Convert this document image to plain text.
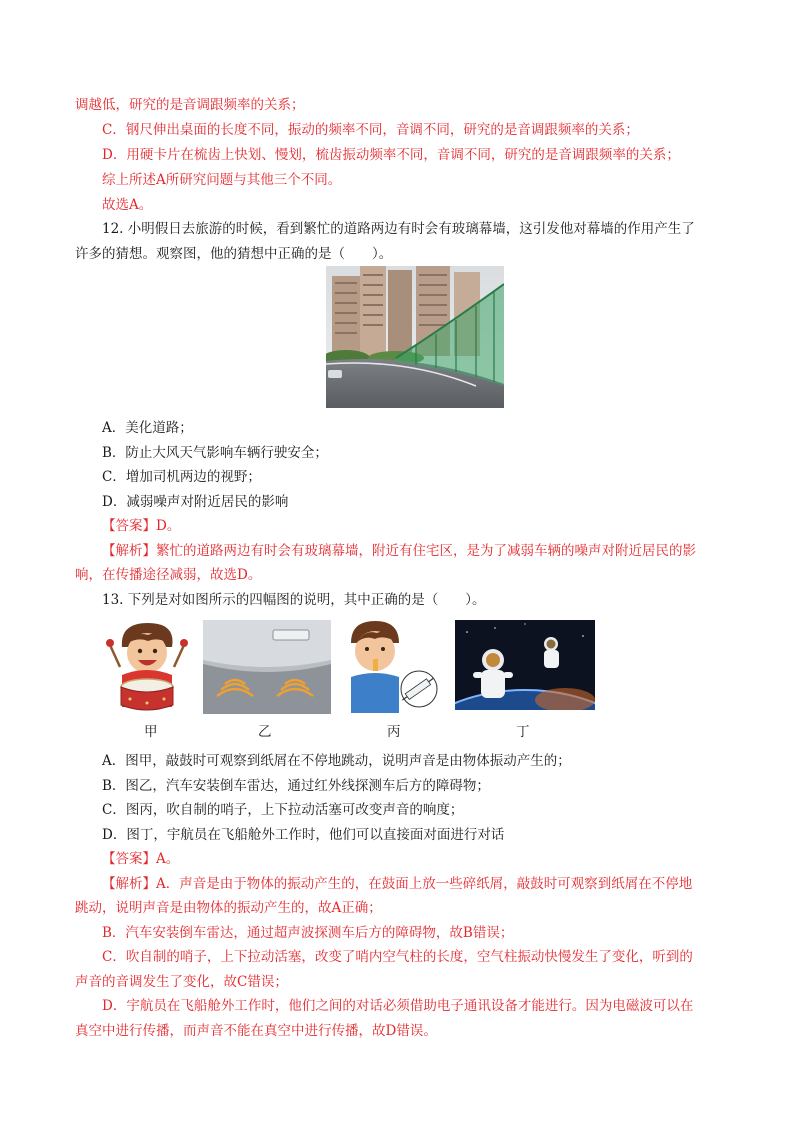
调越低，研究的是音调跟频率的关系；
C．钢尺伸出桌面的长度不同，振动的频率不同，音调不同，研究的是音调跟频率的关系；
D．用硬卡片在梳齿上快划、慢划，梳齿振动频率不同，音调不同，研究的是音调跟频率的关系；
综上所述A所研究问题与其他三个不同。
故选A。
12. 小明假日去旅游的时候，看到繁忙的道路两边有时会有玻璃幕墙，这引发他对幕墙的作用产生了
许多的猜想。观察图，他的猜想中正确的是（　　）。
A．美化道路；
B．防止大风天气影响车辆行驶安全；
C．增加司机两边的视野；
D．减弱噪声对附近居民的影响
【答案】D。
【解析】繁忙的道路两边有时会有玻璃幕墙，附近有住宅区，是为了减弱车辆的噪声对附近居民的影
响，在传播途径减弱，故选D。
13. 下列是对如图所示的四幅图的说明，其中正确的是（　　）。
甲	乙	丙	丁
A．图甲，敲鼓时可观察到纸屑在不停地跳动，说明声音是由物体振动产生的；
B．图乙，汽车安装倒车雷达，通过红外线探测车后方的障碍物；
C．图丙，吹自制的哨子，上下拉动活塞可改变声音的响度；
D．图丁，宇航员在飞船舱外工作时，他们可以直接面对面进行对话
【答案】A。
【解析】A．声音是由于物体的振动产生的，在鼓面上放一些碎纸屑，敲鼓时可观察到纸屑在不停地
跳动，说明声音是由物体的振动产生的，故A正确；
B．汽车安装倒车雷达，通过超声波探测车后方的障碍物，故B错误；
C．吹自制的哨子，上下拉动活塞，改变了哨内空气柱的长度，空气柱振动快慢发生了变化，听到的
声音的音调发生了变化，故C错误；
D．宇航员在飞船舱外工作时，他们之间的对话必须借助电子通讯设备才能进行。因为电磁波可以在
真空中进行传播，而声音不能在真空中进行传播，故D错误。
